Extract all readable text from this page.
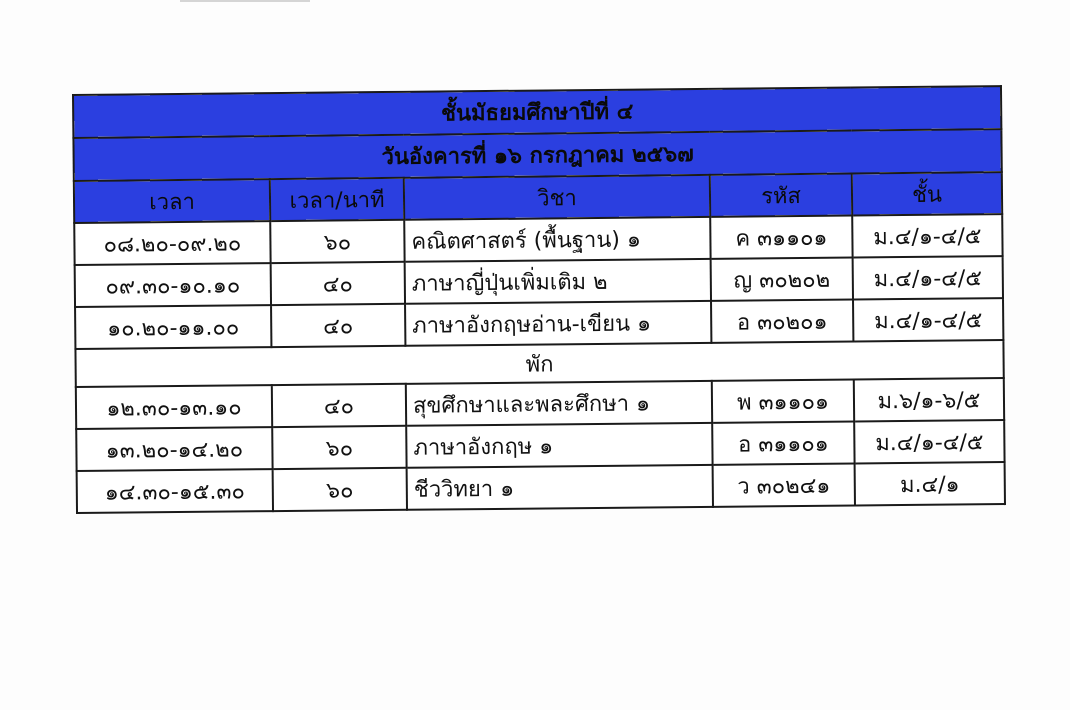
ชั้นมัธยมศึกษาปีที่ ๔				
วันอังคารที่ ๑๖ กรกฎาคม ๒๕๖๗				
เวลา	เวลา/นาที	วิชา	รหัส	ชั้น
๐๘.๒๐-๐๙.๒๐	๖๐	คณิตศาสตร์ (พื้นฐาน) ๑	ค ๓๑๑๐๑	ม.๔/๑-๔/๕
๐๙.๓๐-๑๐.๑๐	๔๐	ภาษาญี่ปุ่นเพิ่มเติม ๒	ญ ๓๐๒๐๒	ม.๔/๑-๔/๕
๑๐.๒๐-๑๑.๐๐	๔๐	ภาษาอังกฤษอ่าน-เขียน ๑	อ ๓๐๒๐๑	ม.๔/๑-๔/๕
พัก				
๑๒.๓๐-๑๓.๑๐	๔๐	สุขศึกษาและพละศึกษา ๑	พ ๓๑๑๐๑	ม.๖/๑-๖/๕
๑๓.๒๐-๑๔.๒๐	๖๐	ภาษาอังกฤษ ๑	อ ๓๑๑๐๑	ม.๔/๑-๔/๕
๑๔.๓๐-๑๕.๓๐	๖๐	ชีววิทยา ๑	ว ๓๐๒๔๑	ม.๔/๑
